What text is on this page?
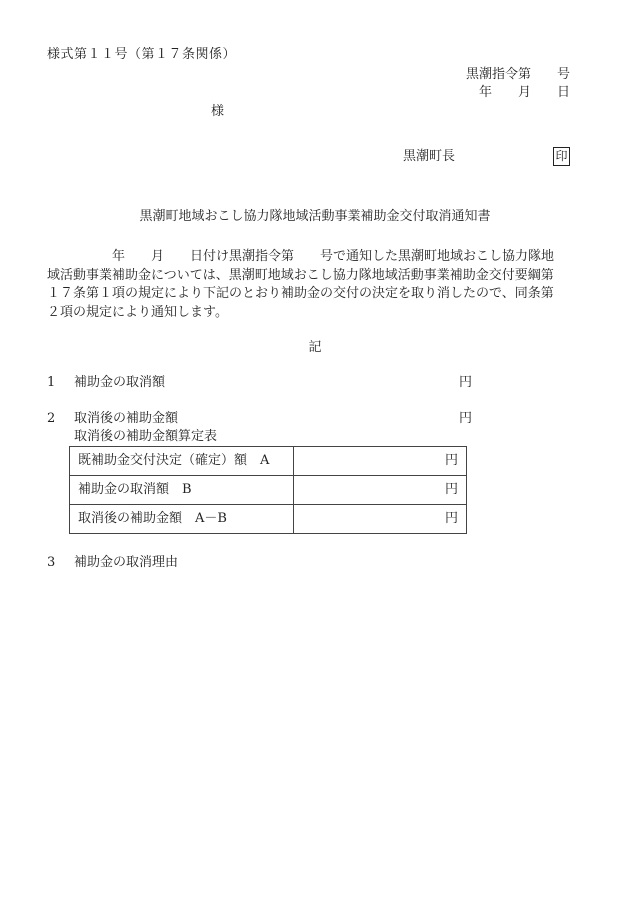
様式第１１号（第１７条関係）
黒潮指令第　　号
年　　月　　日
様
黒潮町長	印
黒潮町地域おこし協力隊地域活動事業補助金交付取消通知書

　　　　　年　　月　　日付け黒潮指令第　　号で通知した黒潮町地域おこし協力隊地

域活動事業補助金については、黒潮町地域おこし協力隊地域活動事業補助金交付要綱第

１７条第１項の規定により下記のとおり補助金の交付の決定を取り消したので、同条第

２項の規定により通知します。

記
1 補助金の取消額	円
2 取消後の補助金額	円
取消後の補助金額算定表
既補助金交付決定（確定）額　A	円
補助金の取消額　B	円
取消後の補助金額　A－B	円
3 補助金の取消理由
